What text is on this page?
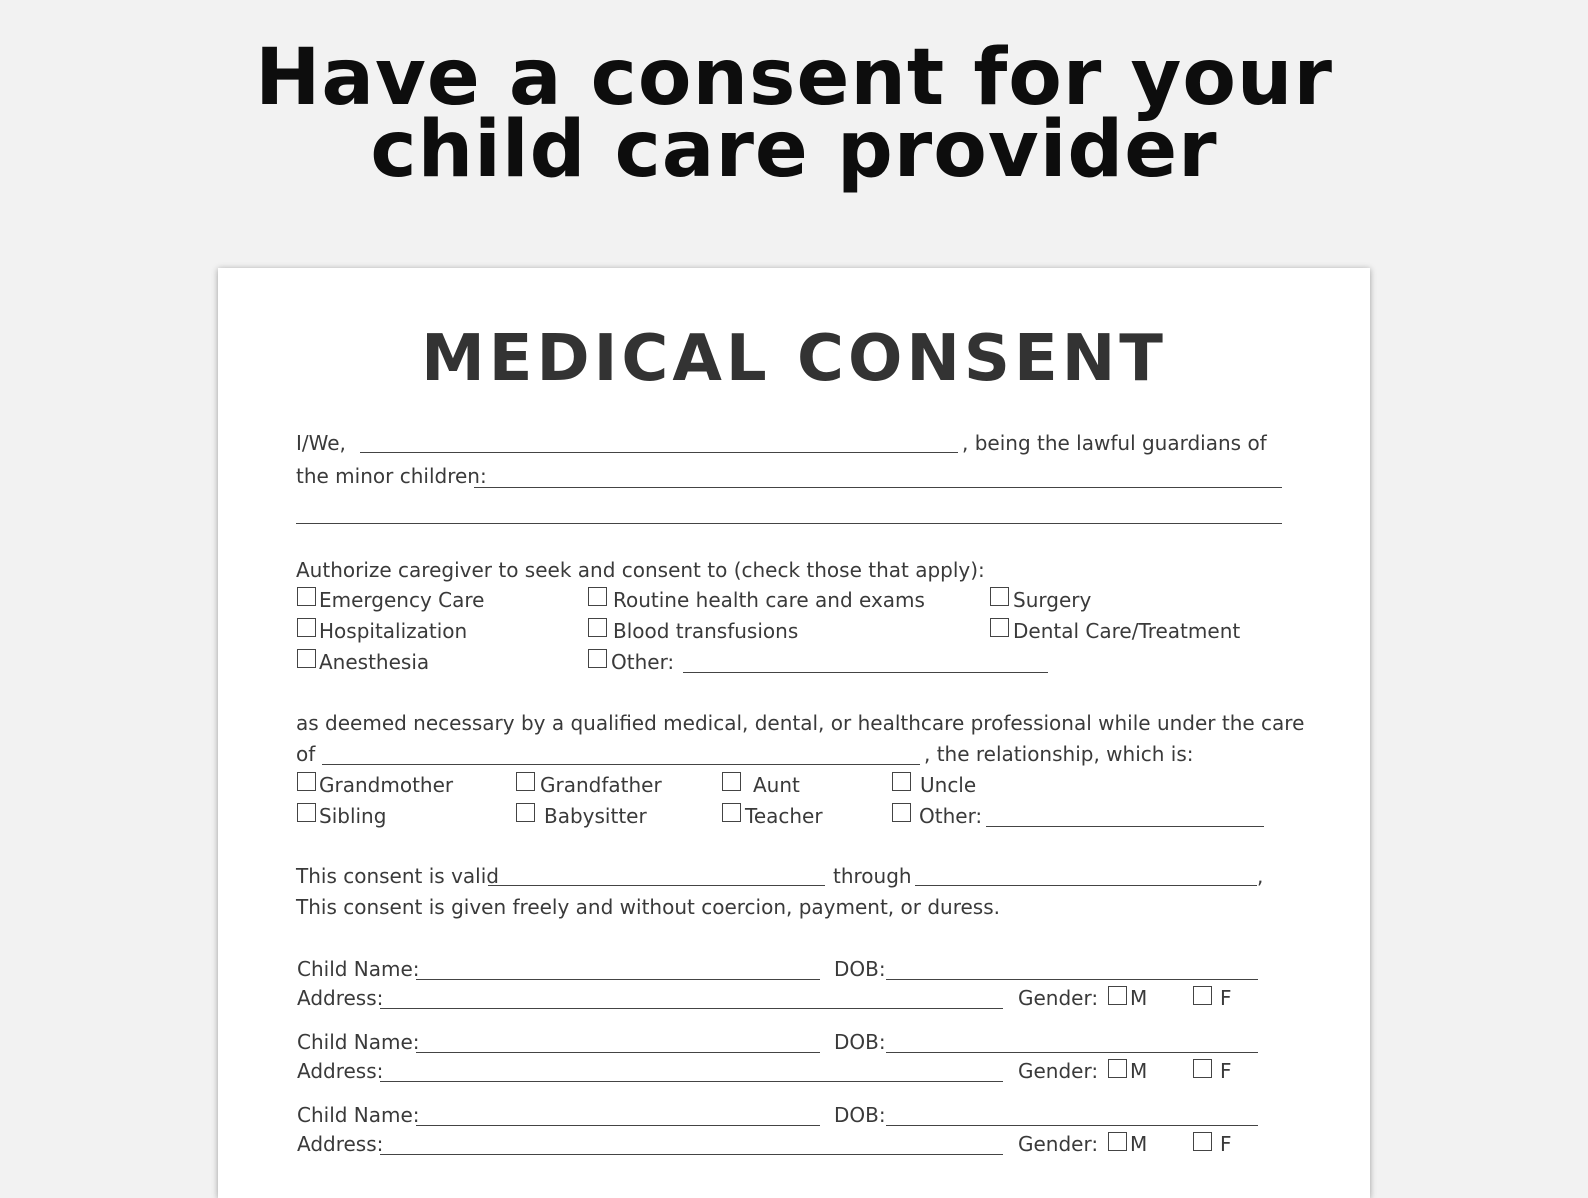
Have a consent for your
child care provider
MEDICAL CONSENT
I/We,	, being the lawful guardians of
the minor children:
Authorize caregiver to seek and consent to (check those that apply):
Emergency Care	Routine health care and exams	Surgery
Hospitalization	Blood transfusions	Dental Care/Treatment
Anesthesia	Other:
as deemed necessary by a qualified medical, dental, or healthcare professional while under the care
of	, the relationship, which is:
Grandmother	Grandfather	Aunt	Uncle
Sibling	Babysitter	Teacher	Other:
This consent is valid	through	,
This consent is given freely and without coercion, payment, or duress.
Child Name:	DOB:
Address:	Gender: M	F
Child Name:	DOB:
Address:	Gender: M	F
Child Name:	DOB:
Address:	Gender: M	F
